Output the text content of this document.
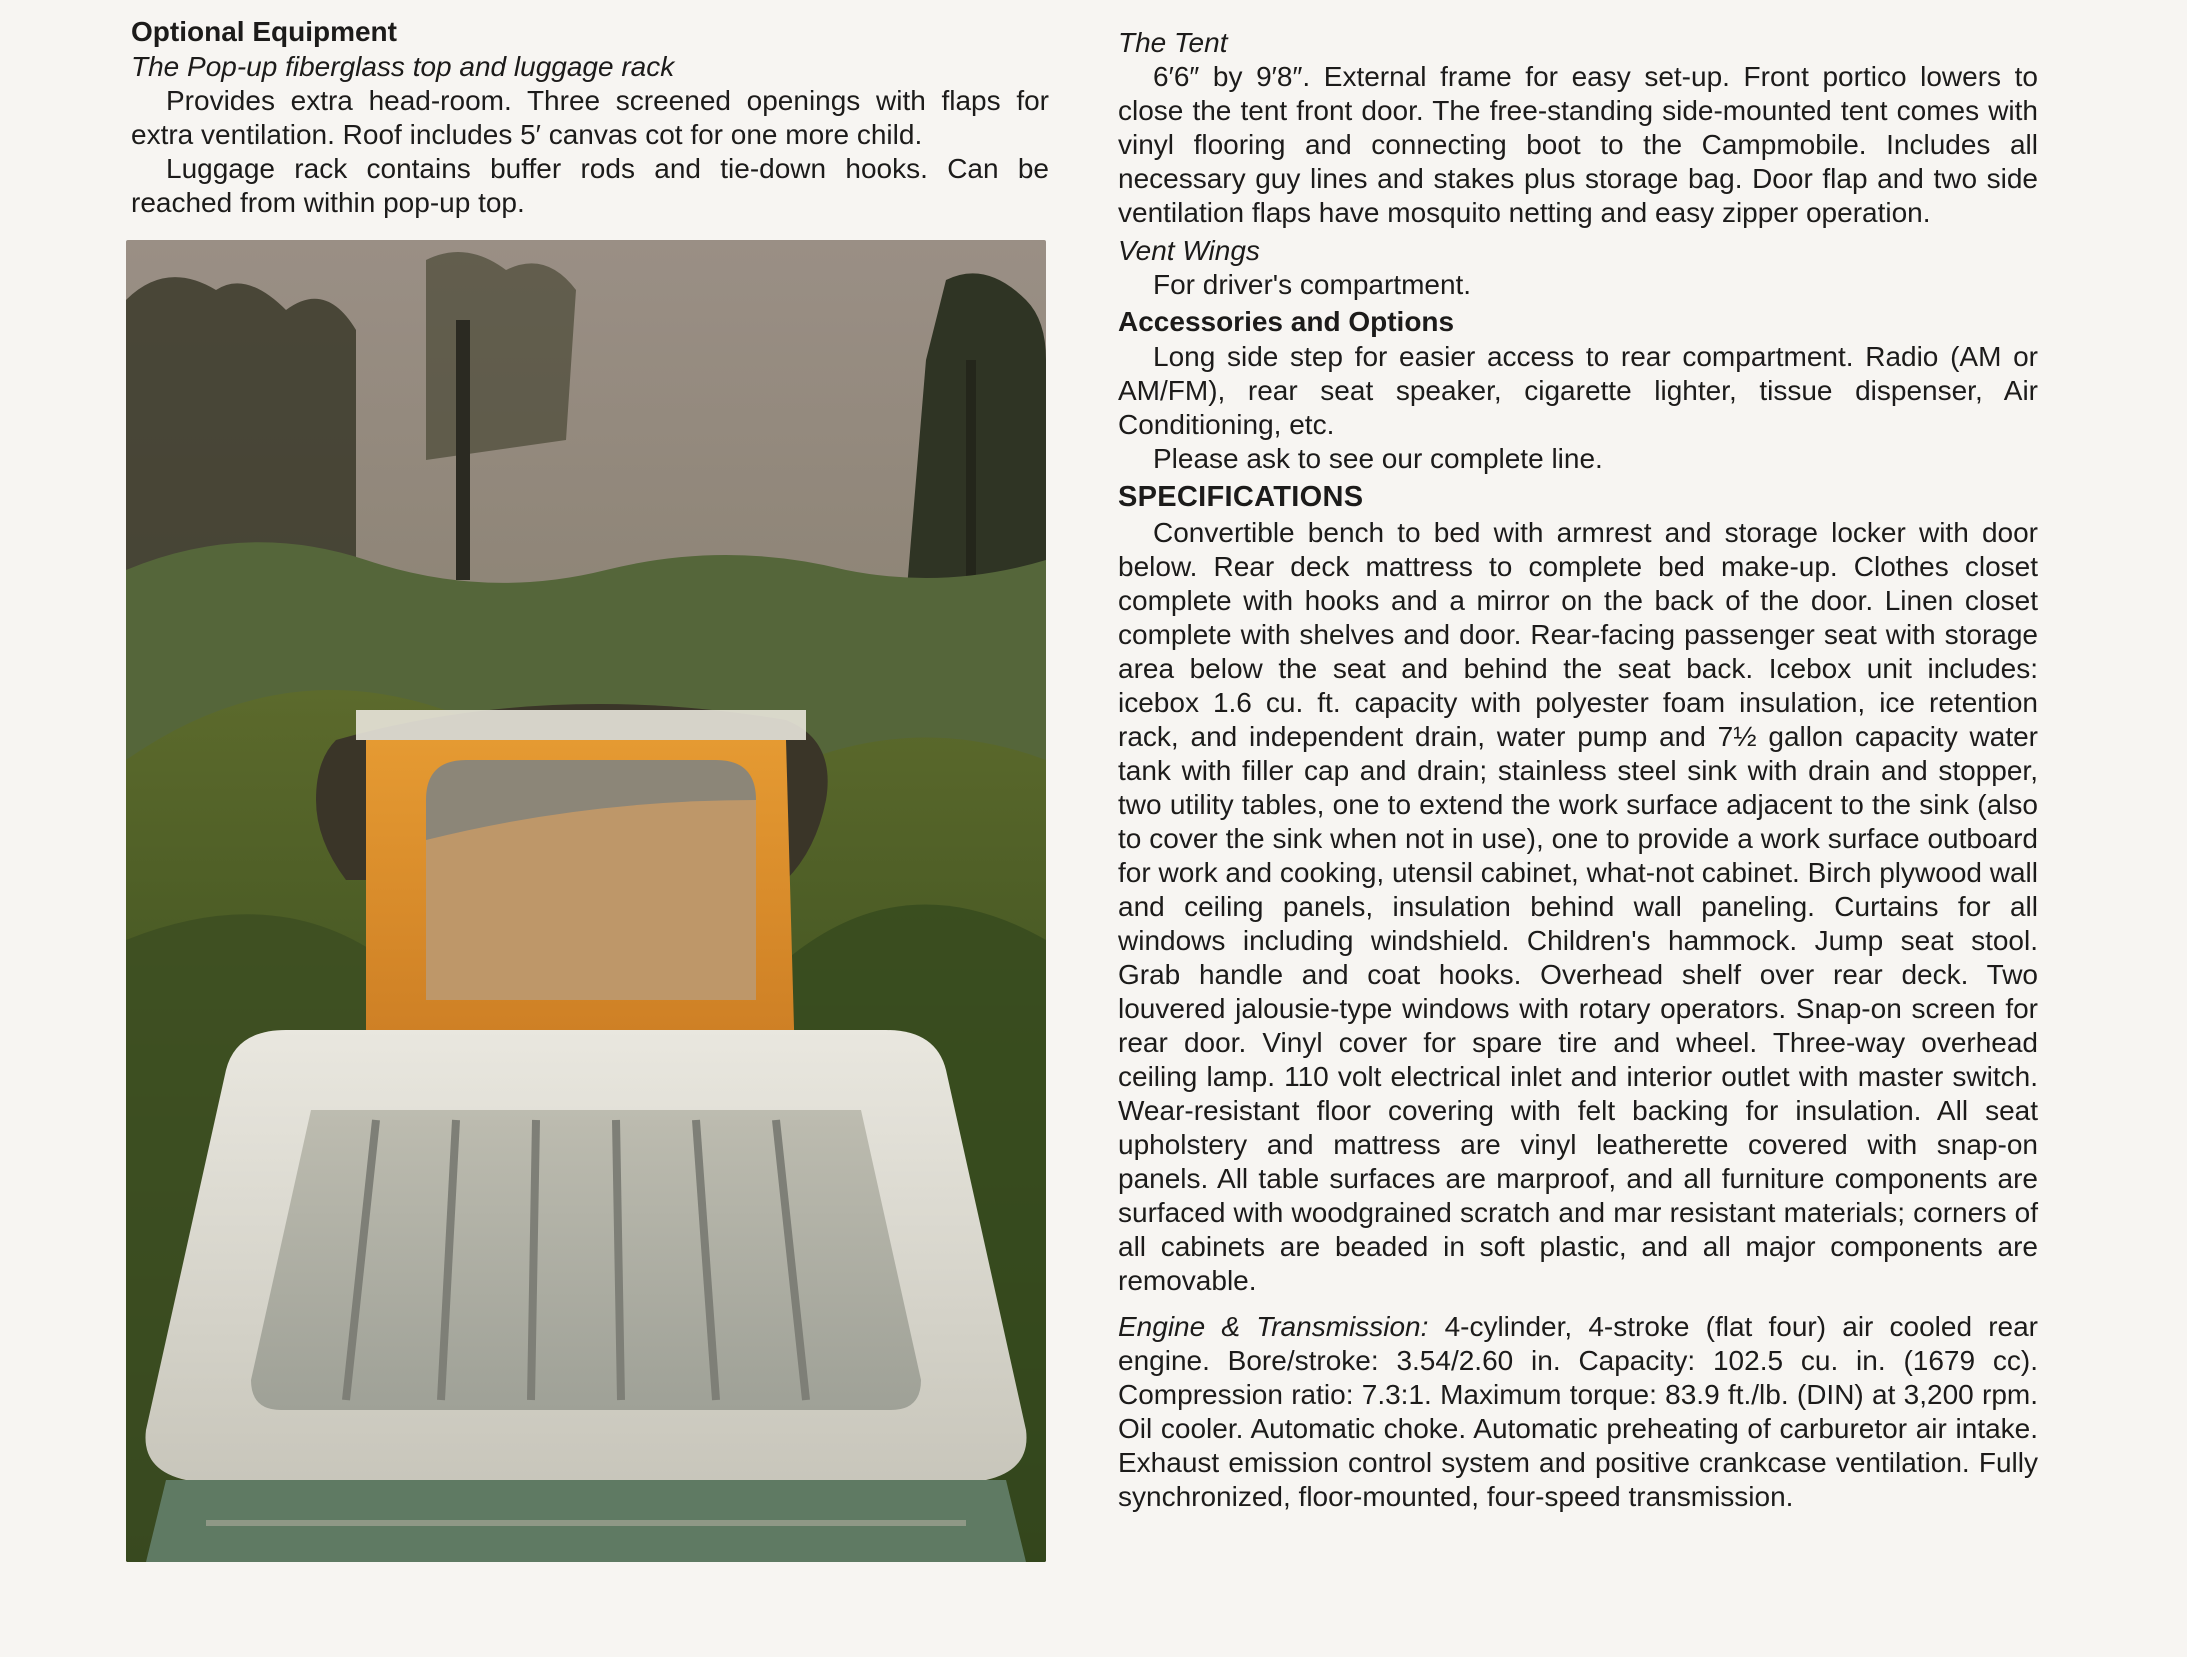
Optional Equipment

The Pop-up fiberglass top and luggage rack

Provides extra head-room. Three screened openings with flaps for extra ventilation. Roof includes 5′ canvas cot for one more child.

Luggage rack contains buffer rods and tie-down hooks. Can be reached from within pop-up top.

The Tent

6′6″ by 9′8″. External frame for easy set-up. Front portico lowers to close the tent front door. The free-standing side-mounted tent comes with vinyl flooring and connecting boot to the Campmobile. Includes all necessary guy lines and stakes plus storage bag. Door flap and two side ventilation flaps have mosquito netting and easy zipper operation.

Vent Wings

For driver's compartment.

Accessories and Options

Long side step for easier access to rear compartment. Radio (AM or AM/FM), rear seat speaker, cigarette lighter, tissue dispenser, Air Conditioning, etc.

Please ask to see our complete line.

SPECIFICATIONS

Convertible bench to bed with armrest and storage locker with door below. Rear deck mattress to complete bed make-up. Clothes closet complete with hooks and a mirror on the back of the door. Linen closet complete with shelves and door. Rear-facing passenger seat with storage area below the seat and behind the seat back. Icebox unit includes: icebox 1.6 cu. ft. capacity with polyester foam insulation, ice retention rack, and independent drain, water pump and 7½ gallon capacity water tank with filler cap and drain; stainless steel sink with drain and stopper, two utility tables, one to extend the work surface adjacent to the sink (also to cover the sink when not in use), one to provide a work surface outboard for work and cooking, utensil cabinet, what-not cabinet. Birch plywood wall and ceiling panels, insulation behind wall paneling. Curtains for all windows including windshield. Children's hammock. Jump seat stool. Grab handle and coat hooks. Overhead shelf over rear deck. Two louvered jalousie-type windows with rotary operators. Snap-on screen for rear door. Vinyl cover for spare tire and wheel. Three-way overhead ceiling lamp. 110 volt electrical inlet and interior outlet with master switch. Wear-resistant floor covering with felt backing for insulation. All seat upholstery and mattress are vinyl leatherette covered with snap-on panels. All table surfaces are marproof, and all furniture components are surfaced with woodgrained scratch and mar resistant materials; corners of all cabinets are beaded in soft plastic, and all major components are removable.

Engine & Transmission: 4-cylinder, 4-stroke (flat four) air cooled rear engine. Bore/stroke: 3.54/2.60 in. Capacity: 102.5 cu. in. (1679 cc). Compression ratio: 7.3:1. Maximum torque: 83.9 ft./lb. (DIN) at 3,200 rpm. Oil cooler. Automatic choke. Automatic preheating of carburetor air intake. Exhaust emission control system and positive crankcase ventilation. Fully synchronized, floor-mounted, four-speed transmission.
